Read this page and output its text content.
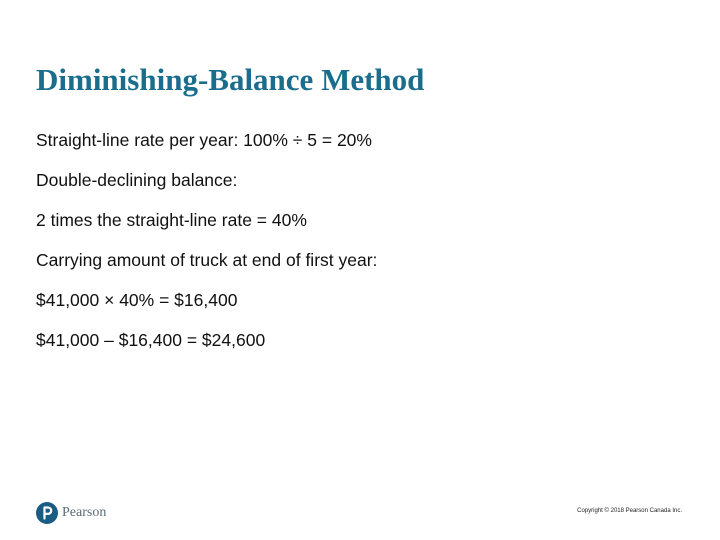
Diminishing-Balance Method
Straight-line rate per year: 100% ÷ 5 = 20%
Double-declining balance:
2 times the straight-line rate = 40%
Carrying amount of truck at end of first year:
$41,000 × 40% = $16,400
$41,000 – $16,400 = $24,600
Pearson	Copyright © 2018 Pearson Canada Inc.
